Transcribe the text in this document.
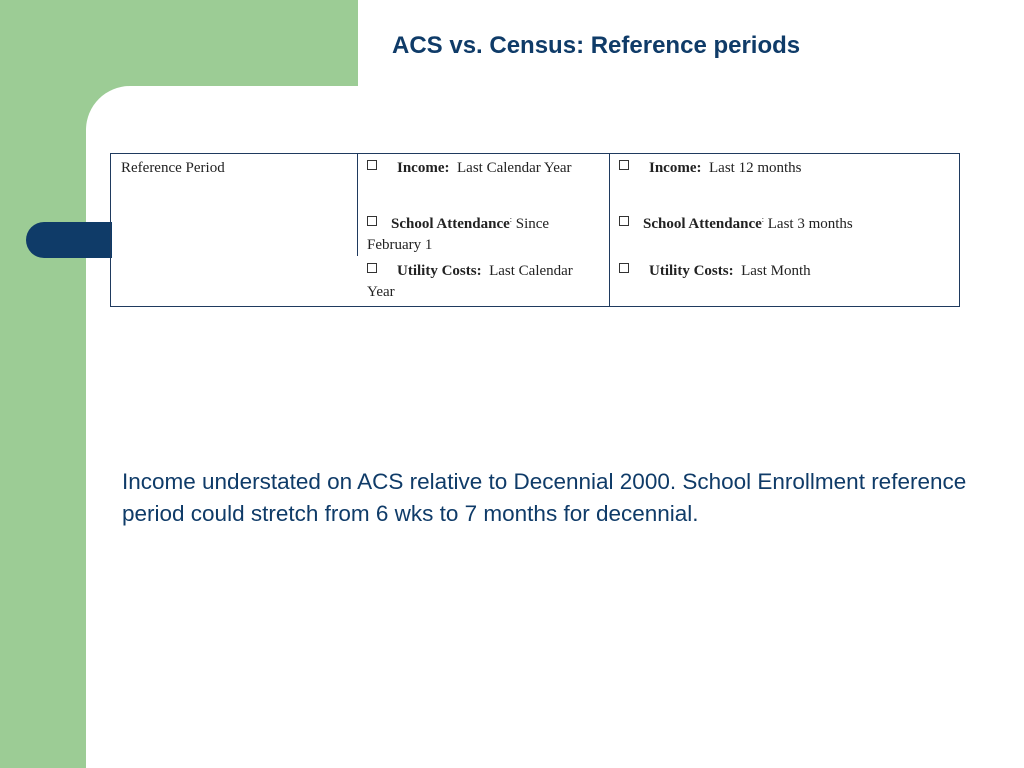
ACS vs. Census: Reference periods
Reference Period	Income: Last Calendar Year
School Attendance: Since February 1
Utility Costs: Last Calendar Year
Income: Last 12 months
School Attendance: Last 3 months
Utility Costs: Last Month

Income understated on ACS relative to Decennial 2000. School Enrollment reference period could stretch from 6 wks to 7 months for decennial.
